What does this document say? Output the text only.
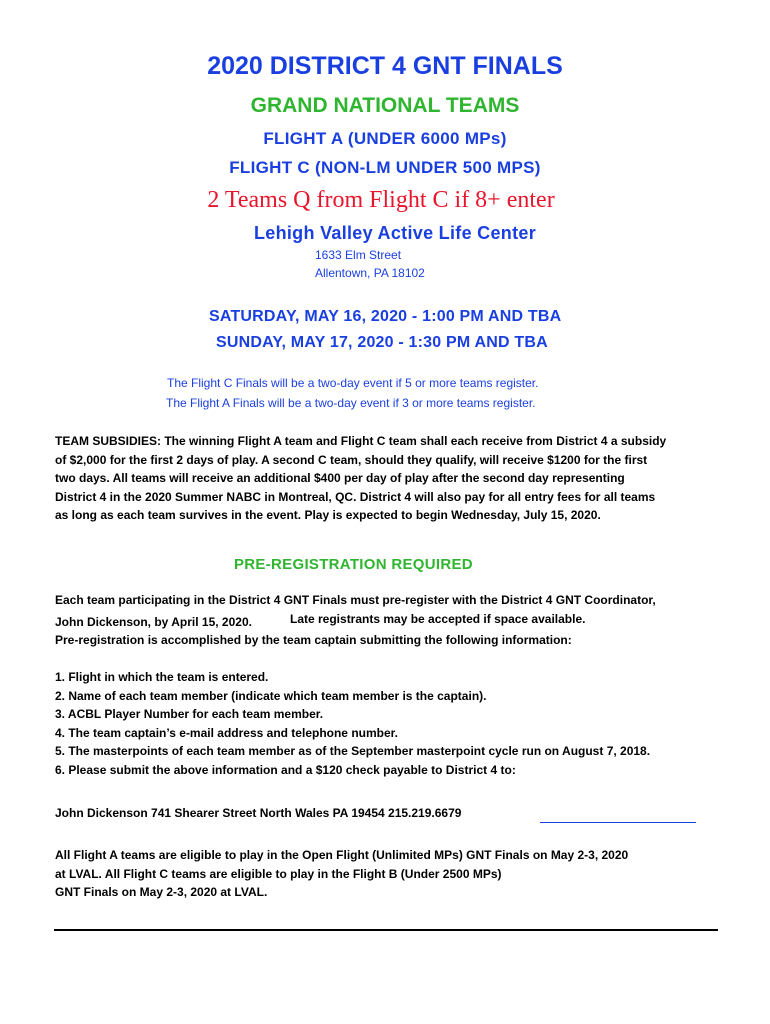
2020 DISTRICT 4 GNT FINALS
GRAND NATIONAL TEAMS
FLIGHT A (UNDER 6000 MPs)
FLIGHT C (NON-LM UNDER 500 MPS)
2 Teams Q from Flight C if 8+ enter
Lehigh Valley Active Life Center
1633 Elm Street
Allentown, PA 18102
SATURDAY, MAY 16, 2020 - 1:00 PM AND TBA
SUNDAY, MAY 17, 2020 - 1:30 PM AND TBA
The Flight C Finals will be a two-day event if 5 or more teams register.
The Flight A Finals will be a two-day event if 3 or more teams register.
TEAM SUBSIDIES: The winning Flight A team and Flight C team shall each receive from District 4 a subsidy
of $2,000 for the first 2 days of play. A second C team, should they qualify, will receive $1200 for the first
two days. All teams will receive an additional $400 per day of play after the second day representing
District 4 in the 2020 Summer NABC in Montreal, QC. District 4 will also pay for all entry fees for all teams
as long as each team survives in the event. Play is expected to begin Wednesday, July 15, 2020.
PRE-REGISTRATION REQUIRED
Each team participating in the District 4 GNT Finals must pre-register with the District 4 GNT Coordinator,
John Dickenson, by April 15, 2020.	Late registrants may be accepted if space available.
Pre-registration is accomplished by the team captain submitting the following information:
1. Flight in which the team is entered.
2. Name of each team member (indicate which team member is the captain).
3. ACBL Player Number for each team member.
4. The team captain’s e-mail address and telephone number.
5. The masterpoints of each team member as of the September masterpoint cycle run on August 7, 2018.
6. Please submit the above information and a $120 check payable to District 4 to:
John Dickenson 741 Shearer Street North Wales PA 19454 215.219.6679
All Flight A teams are eligible to play in the Open Flight (Unlimited MPs) GNT Finals on May 2-3, 2020
at LVAL. All Flight C teams are eligible to play in the Flight B (Under 2500 MPs)
GNT Finals on May 2-3, 2020 at LVAL.
